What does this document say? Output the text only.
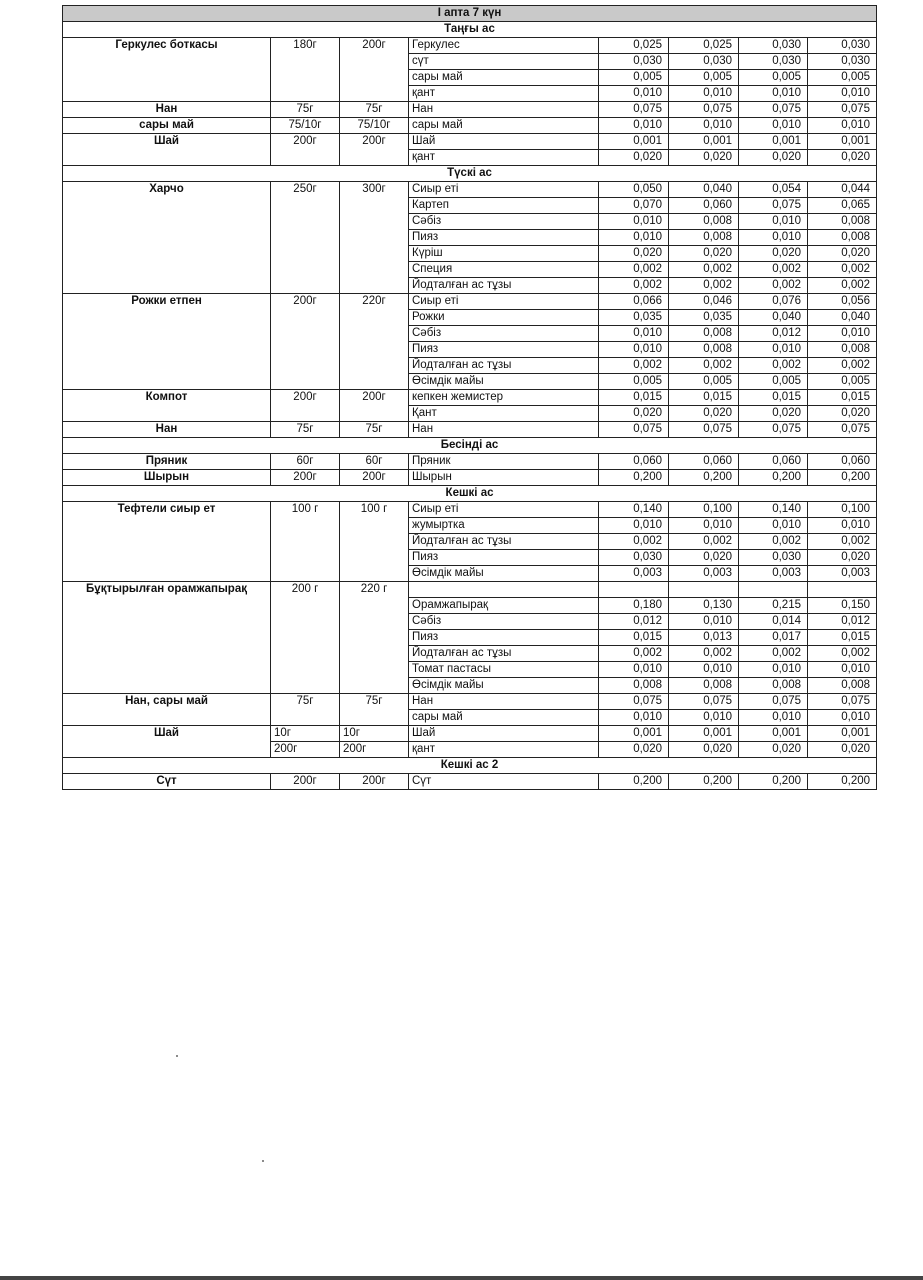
I апта 7 күн							
Таңғы ас							
Геркулес боткасы	180г	200г	Геркулес	0,025	0,025	0,030	0,030
			сүт	0,030	0,030	0,030	0,030
			сары май	0,005	0,005	0,005	0,005
			қант	0,010	0,010	0,010	0,010
Нан	75г	75г	Нан	0,075	0,075	0,075	0,075
сары май	75/10г	75/10г	сары май	0,010	0,010	0,010	0,010
Шай	200г	200г	Шай	0,001	0,001	0,001	0,001
			қант	0,020	0,020	0,020	0,020
Түскі ас							
Харчо	250г	300г	Сиыр еті	0,050	0,040	0,054	0,044
			Картеп	0,070	0,060	0,075	0,065
			Сәбіз	0,010	0,008	0,010	0,008
			Пияз	0,010	0,008	0,010	0,008
			Күріш	0,020	0,020	0,020	0,020
			Специя	0,002	0,002	0,002	0,002
			Йодталған ас тұзы	0,002	0,002	0,002	0,002
Рожки етпен	200г	220г	Сиыр еті	0,066	0,046	0,076	0,056
			Рожки	0,035	0,035	0,040	0,040
			Сәбіз	0,010	0,008	0,012	0,010
			Пияз	0,010	0,008	0,010	0,008
			Йодталған ас тұзы	0,002	0,002	0,002	0,002
			Өсімдік майы	0,005	0,005	0,005	0,005
Компот	200г	200г	кепкен жемистер	0,015	0,015	0,015	0,015
			Қант	0,020	0,020	0,020	0,020
Нан	75г	75г	Нан	0,075	0,075	0,075	0,075
Бесінді ас							
Пряник	60г	60г	Пряник	0,060	0,060	0,060	0,060
Шырын	200г	200г	Шырын	0,200	0,200	0,200	0,200
Кешкі ас							
Тефтели сиыр ет	100 г	100 г	Сиыр еті	0,140	0,100	0,140	0,100
			жумыртка	0,010	0,010	0,010	0,010
			Йодталған ас тұзы	0,002	0,002	0,002	0,002
			Пияз	0,030	0,020	0,030	0,020
			Өсімдік майы	0,003	0,003	0,003	0,003
Бұқтырылған орамжапырақ	200 г	220 г					
			Орамжапырақ	0,180	0,130	0,215	0,150
			Сәбіз	0,012	0,010	0,014	0,012
			Пияз	0,015	0,013	0,017	0,015
			Йодталған ас тұзы	0,002	0,002	0,002	0,002
			Томат пастасы	0,010	0,010	0,010	0,010
			Өсімдік майы	0,008	0,008	0,008	0,008
Нан, сары май	75г	75г	Нан	0,075	0,075	0,075	0,075
			сары май	0,010	0,010	0,010	0,010
Шай	10г	10г	Шай	0,001	0,001	0,001	0,001
	200г	200г	қант	0,020	0,020	0,020	0,020
Кешкі ас 2							
Сүт	200г	200г	Сүт	0,200	0,200	0,200	0,200
